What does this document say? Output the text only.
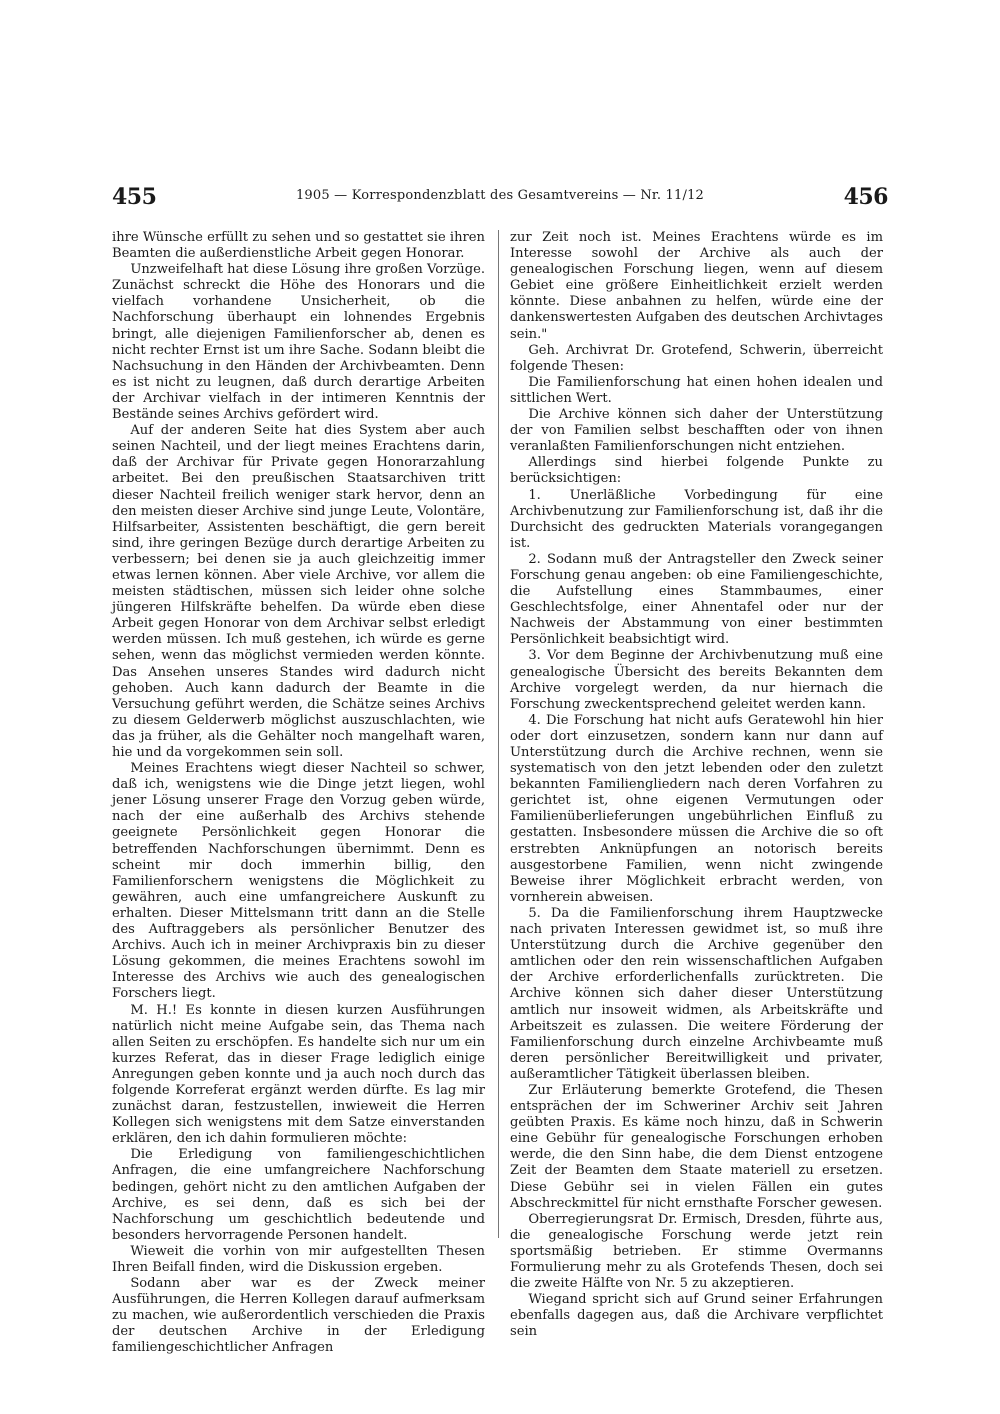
455	1905 — Korrespondenzblatt des Gesamtvereins — Nr. 11/12	456

ihre Wünsche erfüllt zu sehen und so gestattet sie ihren Beamten die außerdienstliche Arbeit gegen Honorar.

Unzweifelhaft hat diese Lösung ihre großen Vorzüge. Zunächst schreckt die Höhe des Honorars und die vielfach vorhandene Unsicherheit, ob die Nachforschung überhaupt ein lohnendes Ergebnis bringt, alle diejenigen Familienforscher ab, denen es nicht rechter Ernst ist um ihre Sache. Sodann bleibt die Nachsuchung in den Händen der Archivbeamten. Denn es ist nicht zu leugnen, daß durch derartige Arbeiten der Archivar vielfach in der intimeren Kenntnis der Bestände seines Archivs gefördert wird.

Auf der anderen Seite hat dies System aber auch seinen Nachteil, und der liegt meines Erachtens darin, daß der Archivar für Private gegen Honorarzahlung arbeitet. Bei den preußischen Staatsarchiven tritt dieser Nachteil freilich weniger stark hervor, denn an den meisten dieser Archive sind junge Leute, Volontäre, Hilfsarbeiter, Assistenten beschäftigt, die gern bereit sind, ihre geringen Bezüge durch derartige Arbeiten zu verbessern; bei denen sie ja auch gleichzeitig immer etwas lernen können. Aber viele Archive, vor allem die meisten städtischen, müssen sich leider ohne solche jüngeren Hilfskräfte behelfen. Da würde eben diese Arbeit gegen Honorar von dem Archivar selbst erledigt werden müssen. Ich muß gestehen, ich würde es gerne sehen, wenn das möglichst vermieden werden könnte. Das Ansehen unseres Standes wird dadurch nicht gehoben. Auch kann dadurch der Beamte in die Versuchung geführt werden, die Schätze seines Archivs zu diesem Gelderwerb möglichst auszuschlachten, wie das ja früher, als die Gehälter noch mangelhaft waren, hie und da vorgekommen sein soll.

Meines Erachtens wiegt dieser Nachteil so schwer, daß ich, wenigstens wie die Dinge jetzt liegen, wohl jener Lösung unserer Frage den Vorzug geben würde, nach der eine außerhalb des Archivs stehende geeignete Persönlichkeit gegen Honorar die betreffenden Nachforschungen übernimmt. Denn es scheint mir doch immerhin billig, den Familienforschern wenigstens die Möglichkeit zu gewähren, auch eine umfangreichere Auskunft zu erhalten. Dieser Mittelsmann tritt dann an die Stelle des Auftraggebers als persönlicher Benutzer des Archivs. Auch ich in meiner Archivpraxis bin zu dieser Lösung gekommen, die meines Erachtens sowohl im Interesse des Archivs wie auch des genealogischen Forschers liegt.

M. H.! Es konnte in diesen kurzen Ausführungen natürlich nicht meine Aufgabe sein, das Thema nach allen Seiten zu erschöpfen. Es handelte sich nur um ein kurzes Referat, das in dieser Frage lediglich einige Anregungen geben konnte und ja auch noch durch das folgende Korreferat ergänzt werden dürfte. Es lag mir zunächst daran, festzustellen, inwieweit die Herren Kollegen sich wenigstens mit dem Satze einverstanden erklären, den ich dahin formulieren möchte:

Die Erledigung von familiengeschichtlichen Anfragen, die eine umfangreichere Nachforschung bedingen, gehört nicht zu den amtlichen Aufgaben der Archive, es sei denn, daß es sich bei der Nachforschung um geschichtlich bedeutende und besonders hervorragende Personen handelt.

Wieweit die vorhin von mir aufgestellten Thesen Ihren Beifall finden, wird die Diskussion ergeben.

Sodann aber war es der Zweck meiner Ausführungen, die Herren Kollegen darauf aufmerksam zu machen, wie außerordentlich verschieden die Praxis der deutschen Archive in der Erledigung familiengeschichtlicher Anfragen

zur Zeit noch ist. Meines Erachtens würde es im Interesse sowohl der Archive als auch der genealogischen Forschung liegen, wenn auf diesem Gebiet eine größere Einheitlichkeit erzielt werden könnte. Diese anbahnen zu helfen, würde eine der dankenswertesten Aufgaben des deutschen Archivtages sein."

Geh. Archivrat Dr. Grotefend, Schwerin, überreicht folgende Thesen:

Die Familienforschung hat einen hohen idealen und sittlichen Wert.

Die Archive können sich daher der Unterstützung der von Familien selbst beschafften oder von ihnen veranlaßten Familienforschungen nicht entziehen.

Allerdings sind hierbei folgende Punkte zu berücksichtigen:

1. Unerläßliche Vorbedingung für eine Archivbenutzung zur Familienforschung ist, daß ihr die Durchsicht des gedruckten Materials vorangegangen ist.

2. Sodann muß der Antragsteller den Zweck seiner Forschung genau angeben: ob eine Familiengeschichte, die Aufstellung eines Stammbaumes, einer Geschlechtsfolge, einer Ahnentafel oder nur der Nachweis der Abstammung von einer bestimmten Persönlichkeit beabsichtigt wird.

3. Vor dem Beginne der Archivbenutzung muß eine genealogische Übersicht des bereits Bekannten dem Archive vorgelegt werden, da nur hiernach die Forschung zweckentsprechend geleitet werden kann.

4. Die Forschung hat nicht aufs Geratewohl hin hier oder dort einzusetzen, sondern kann nur dann auf Unterstützung durch die Archive rechnen, wenn sie systematisch von den jetzt lebenden oder den zuletzt bekannten Familiengliedern nach deren Vorfahren zu gerichtet ist, ohne eigenen Vermutungen oder Familienüberlieferungen ungebührlichen Einfluß zu gestatten. Insbesondere müssen die Archive die so oft erstrebten Anknüpfungen an notorisch bereits ausgestorbene Familien, wenn nicht zwingende Beweise ihrer Möglichkeit erbracht werden, von vornherein abweisen.

5. Da die Familienforschung ihrem Hauptzwecke nach privaten Interessen gewidmet ist, so muß ihre Unterstützung durch die Archive gegenüber den amtlichen oder den rein wissenschaftlichen Aufgaben der Archive erforderlichenfalls zurücktreten. Die Archive können sich daher dieser Unterstützung amtlich nur insoweit widmen, als Arbeitskräfte und Arbeitszeit es zulassen. Die weitere Förderung der Familienforschung durch einzelne Archivbeamte muß deren persönlicher Bereitwilligkeit und privater, außeramtlicher Tätigkeit überlassen bleiben.

Zur Erläuterung bemerkte Grotefend, die Thesen entsprächen der im Schweriner Archiv seit Jahren geübten Praxis. Es käme noch hinzu, daß in Schwerin eine Gebühr für genealogische Forschungen erhoben werde, die den Sinn habe, die dem Dienst entzogene Zeit der Beamten dem Staate materiell zu ersetzen. Diese Gebühr sei in vielen Fällen ein gutes Abschreckmittel für nicht ernsthafte Forscher gewesen.

Oberregierungsrat Dr. Ermisch, Dresden, führte aus, die genealogische Forschung werde jetzt rein sportsmäßig betrieben. Er stimme Overmanns Formulierung mehr zu als Grotefends Thesen, doch sei die zweite Hälfte von Nr. 5 zu akzeptieren.

Wiegand spricht sich auf Grund seiner Erfahrungen ebenfalls dagegen aus, daß die Archivare verpflichtet sein
